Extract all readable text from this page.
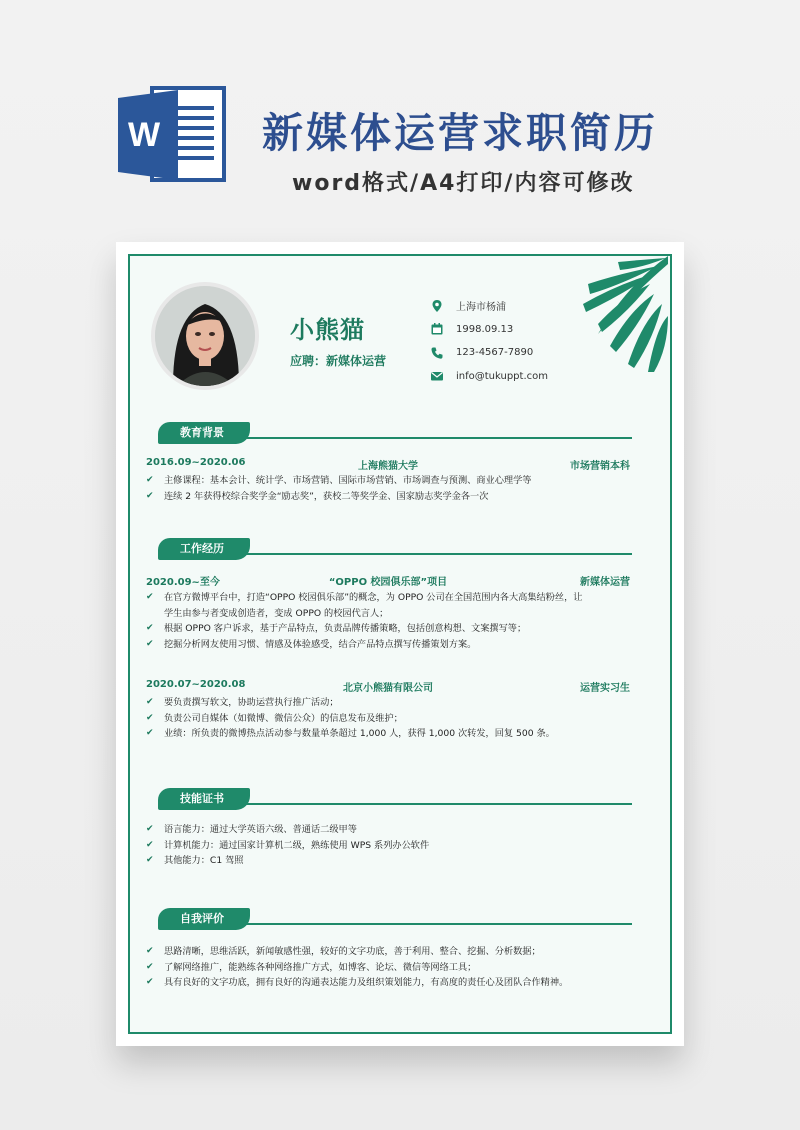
W 新媒体运营求职简历
word格式/A4打印/内容可修改
小熊猫
应聘：新媒体运营
上海市杨浦
1998.09.13
123-4567-7890
info@tukuppt.com
教育背景
2016.09~2020.06	上海熊猫大学	市场营销本科
✔ 主修课程：基本会计、统计学、市场营销、国际市场营销、市场调查与预测、商业心理学等
✔ 连续 2 年获得校综合奖学金“励志奖”，获校二等奖学金、国家励志奖学金各一次
工作经历
2020.09~至今	“OPPO 校园俱乐部”项目	新媒体运营
✔ 在官方微博平台中，打造“OPPO 校园俱乐部”的概念，为 OPPO 公司在全国范围内各大高集结粉丝，让
学生由参与者变成创造者，变成 OPPO 的校园代言人；
✔ 根据 OPPO 客户诉求，基于产品特点，负责品牌传播策略，包括创意构想、文案撰写等；
✔ 挖掘分析网友使用习惯、情感及体验感受，结合产品特点撰写传播策划方案。
2020.07~2020.08	北京小熊猫有限公司	运营实习生
✔ 要负责撰写软文，协助运营执行推广活动；
✔ 负责公司自媒体（如微博、微信公众）的信息发布及维护；
✔ 业绩：所负责的微博热点活动参与数量单条超过 1,000 人，获得 1,000 次转发，回复 500 条。
技能证书
✔ 语言能力：通过大学英语六级、普通话二级甲等
✔ 计算机能力：通过国家计算机二级，熟练使用 WPS 系列办公软件
✔ 其他能力：C1 驾照
自我评价
✔ 思路清晰，思维活跃，新闻敏感性强，较好的文字功底，善于利用、整合、挖掘、分析数据；
✔ 了解网络推广，能熟练各种网络推广方式，如博客、论坛、微信等网络工具；
✔ 具有良好的文字功底，拥有良好的沟通表达能力及组织策划能力，有高度的责任心及团队合作精神。
